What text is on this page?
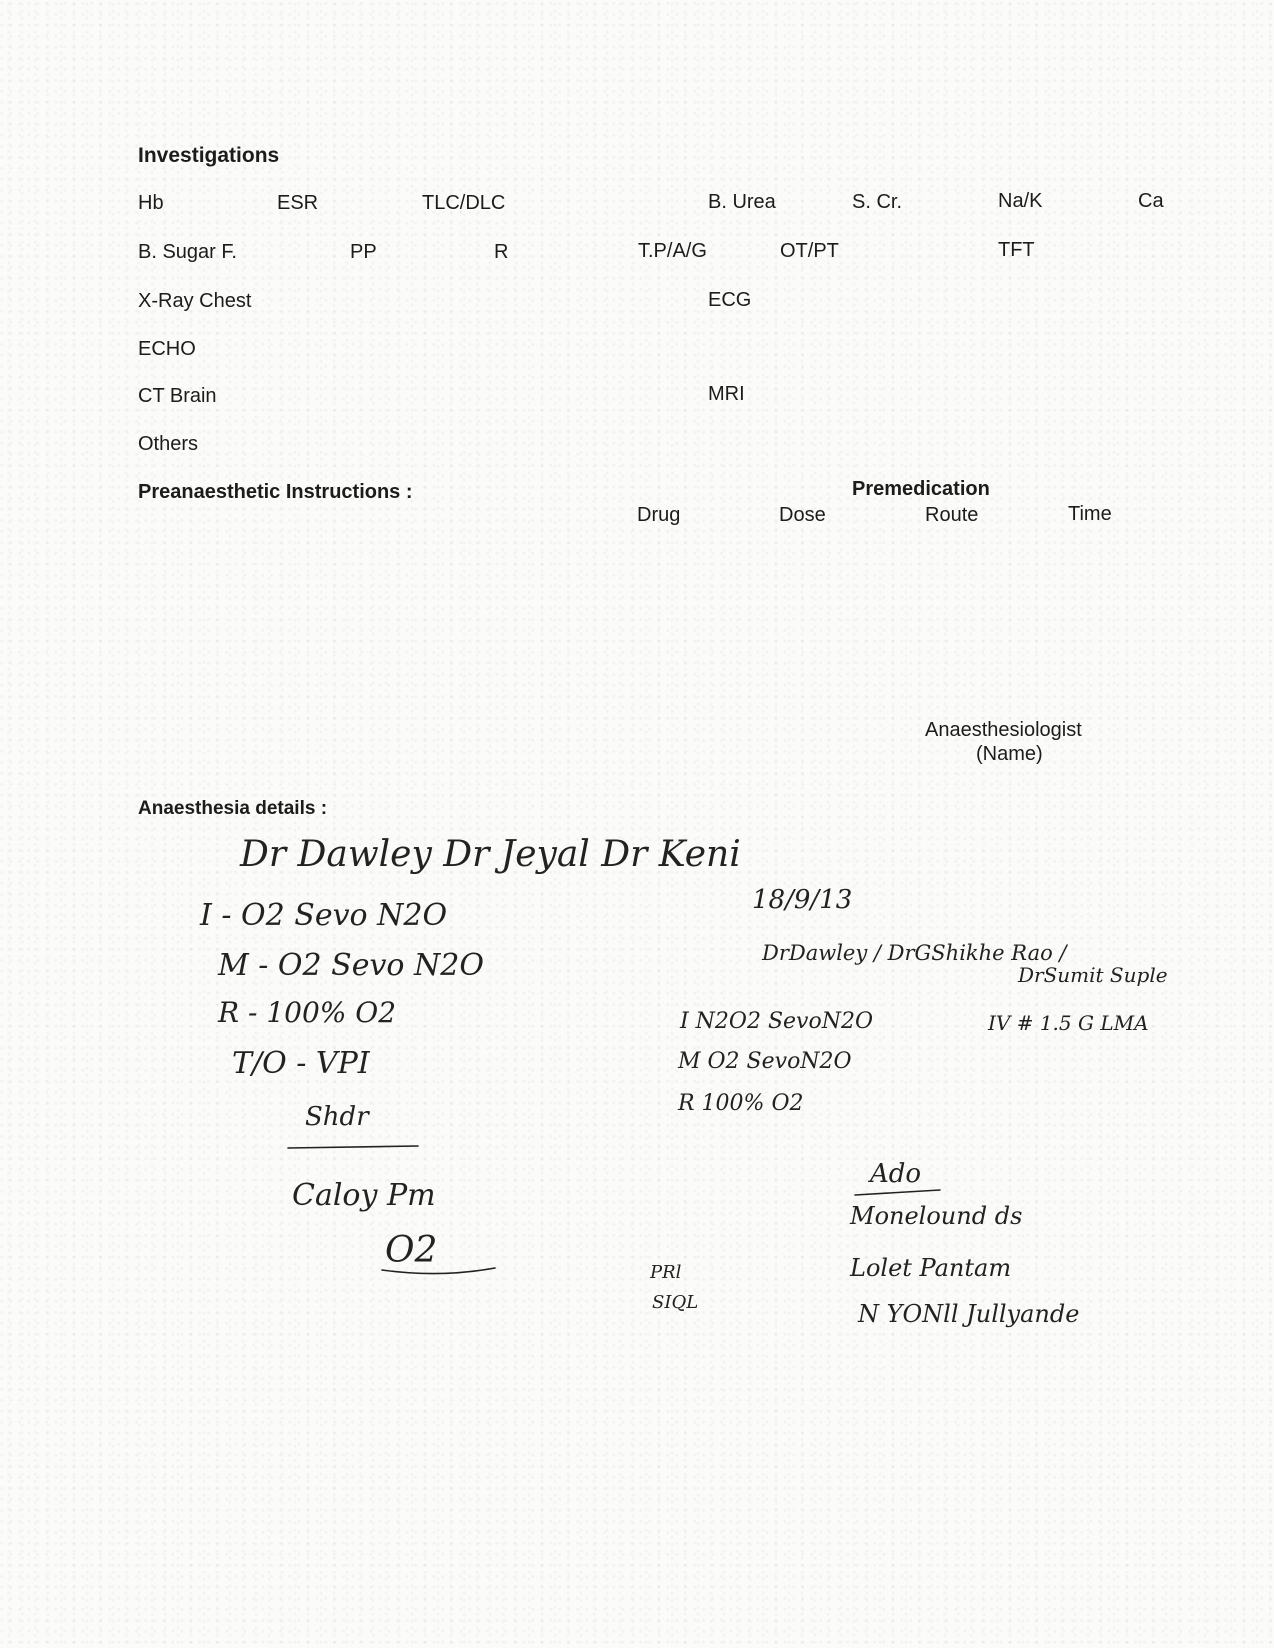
Investigations
Hb	ESR	TLC/DLC	B. Urea	S. Cr.	Na/K	Ca
B. Sugar F.	PP	R	T.P/A/G	OT/PT	TFT
X-Ray Chest	ECG
ECHO
CT Brain	MRI
Others
Preanaesthetic Instructions :	Premedication
Drug	Dose	Route	Time
Anaesthesiologist
(Name)
Anaesthesia details :
Dr Dawley Dr Jeyal Dr Keni
I - O2 Sevo N2O
M - O2 Sevo N2O
R - 100% O2
T/O - VPI
Shdr
Caloy Pm
O2
18/9/13
DrDawley / DrGShikhe Rao /
DrSumit Suple
I N2O2 SevoN2O	IV # 1.5 G LMA
M O2 SevoN2O
R 100% O2
Ado
Monelound ds
Lolet Pantam
N YONll Jullyande
PRl
SIQL
